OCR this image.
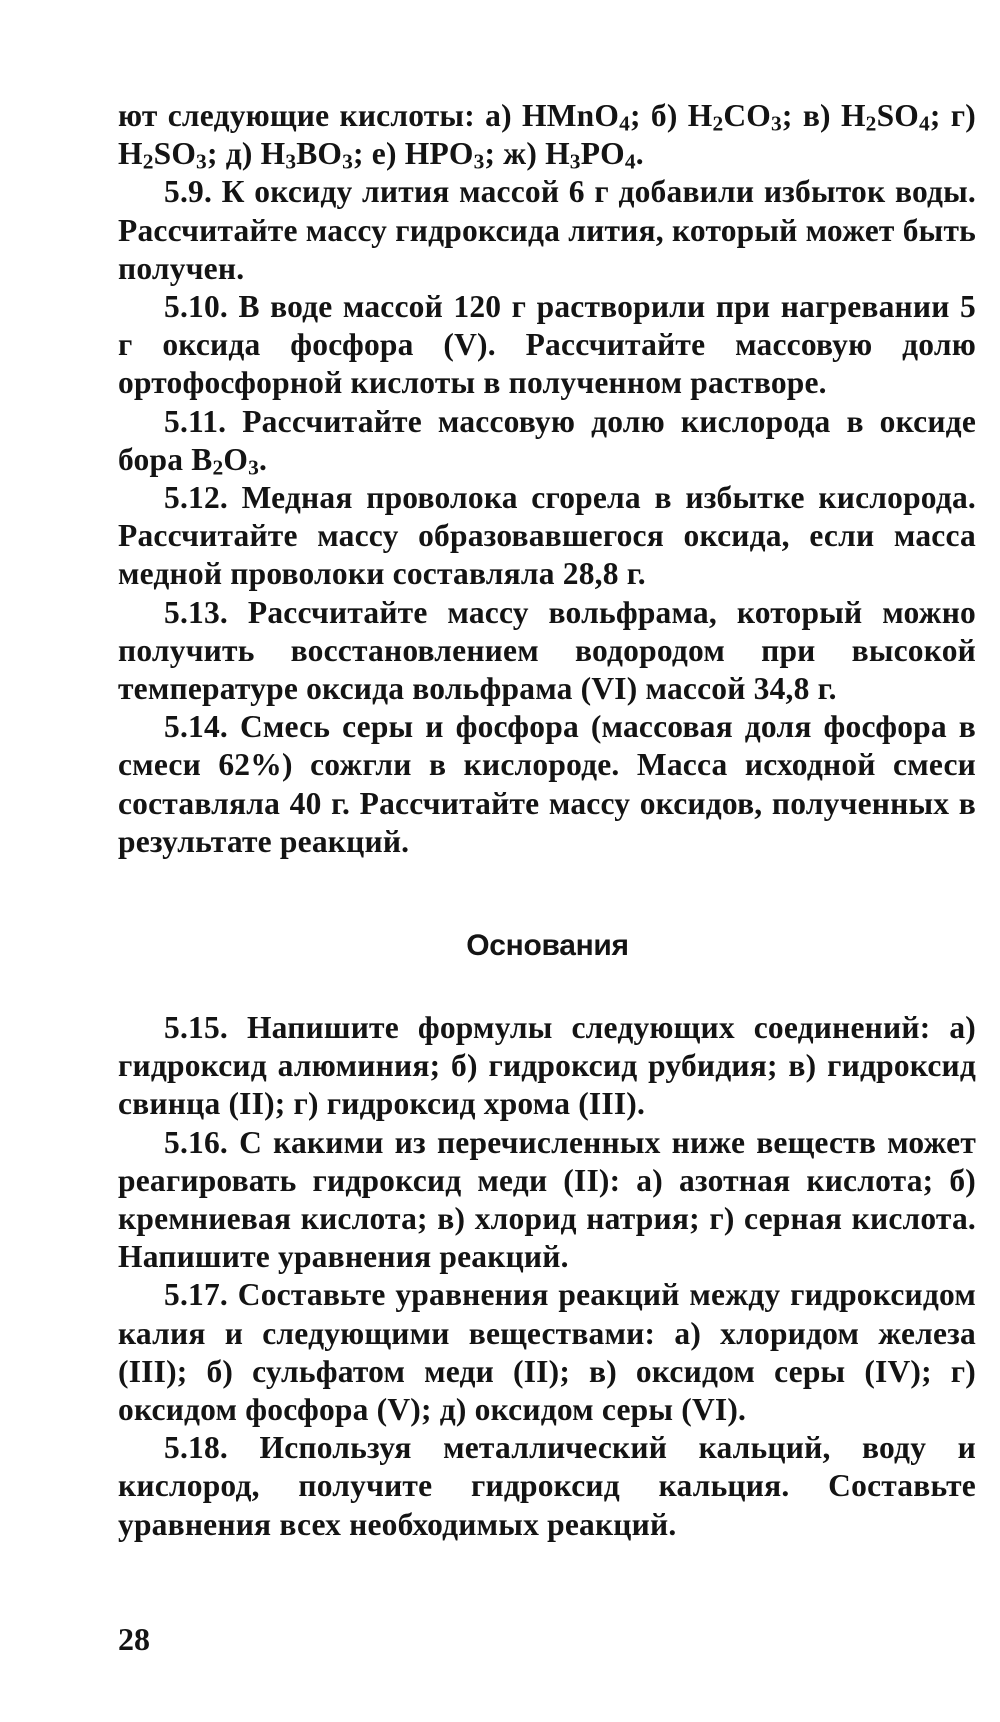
ют следующие кислоты: а) HMnO$_4$; б) $H_2CO_3$; в) $H_2SO_4$; г) $H_2SO_3$; д) $H_3BO_3$; е) $HPO_3$; ж) $H_3PO_4$.

5.9. К оксиду лития массой 6 г добавили избыток воды. Рассчитайте массу гидроксида лития, который может быть получен.

5.10. В воде массой 120 г растворили при нагревании 5 г оксида фосфора (V). Рассчитайте массовую долю ортофосфорной кислоты в полученном растворе.

5.11. Рассчитайте массовую долю кислорода в оксиде бора $B_2O_3$.

5.12. Медная проволока сгорела в избытке кислорода. Рассчитайте массу образовавшегося оксида, если масса медной проволоки составляла 28,8 г.

5.13. Рассчитайте массу вольфрама, который можно получить восстановлением водородом при высокой температуре оксида вольфрама (VI) массой 34,8 г.

5.14. Смесь серы и фосфора (массовая доля фосфора в смеси 62%) сожгли в кислороде. Масса исходной смеси составляла 40 г. Рассчитайте массу оксидов, полученных в результате реакций.

Основания

5.15. Напишите формулы следующих соединений: а) гидроксид алюминия; б) гидроксид рубидия; в) гидроксид свинца (II); г) гидроксид хрома (III).

5.16. С какими из перечисленных ниже веществ может реагировать гидроксид меди (II): а) азотная кислота; б) кремниевая кислота; в) хлорид натрия; г) серная кислота. Напишите уравнения реакций.

5.17. Составьте уравнения реакций между гидроксидом калия и следующими веществами: а) хлоридом железа (III); б) сульфатом меди (II); в) оксидом серы (IV); г) оксидом фосфора (V); д) оксидом серы (VI).

5.18. Используя металлический кальций, воду и кислород, получите гидроксид кальция. Составьте уравнения всех необходимых реакций.

28
